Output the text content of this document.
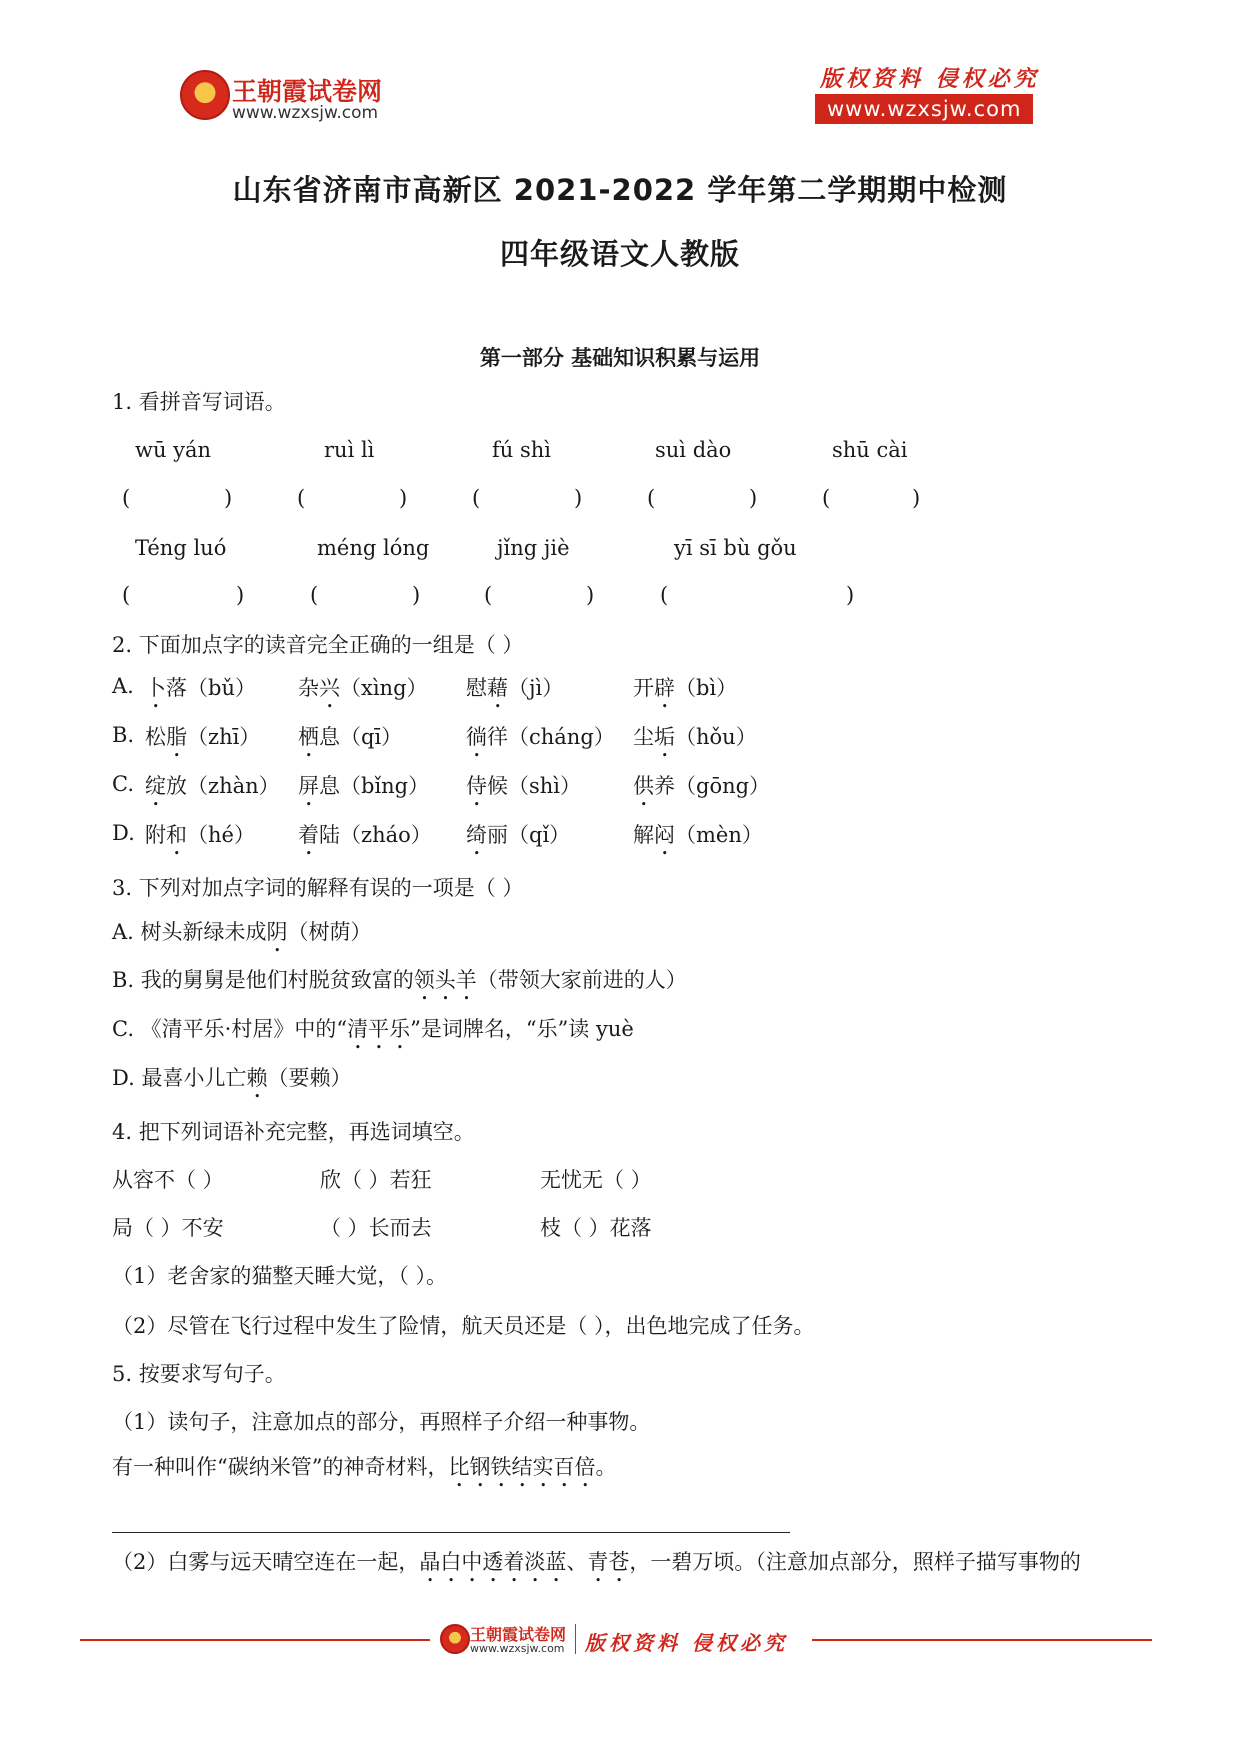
王朝霞试卷网
www.wzxsjw.com
版权资料 侵权必究
www.wzxsjw.com
山东省济南市高新区 2021-2022 学年第二学期期中检测
四年级语文人教版
第一部分 基础知识积累与运用
1. 看拼音写词语。
wū yán	ruì lì	fú shì	suì dào	shū cài
(	)	(	)	(	)	(	)	(	)
Téng luó	méng lóng	jǐng jiè	yī sī bù gǒu
(	)	(	)	(	)	(	)
2. 下面加点字的读音完全正确的一组是（ ）
A. 卜落（bǔ） 杂兴（xìng） 慰藉（jì）	开辟（bì）
B. 松脂（zhī） 栖息（qī）	徜徉（cháng） 尘垢（hǒu）
C. 绽放（zhàn） 屏息（bǐng） 侍候（shì） 供养（gōng）
D. 附和（hé） 着陆（zháo） 绮丽（qǐ）	解闷（mèn）
3. 下列对加点字词的解释有误的一项是（ ）
A. 树头新绿未成阴（树荫）
B. 我的舅舅是他们村脱贫致富的领头羊（带领大家前进的人）
C. 《清平乐·村居》中的“清平乐”是词牌名，“乐”读 yuè
D. 最喜小儿亡赖（要赖）
4. 把下列词语补充完整，再选词填空。
从容不（ ）	欣（ ）若狂	无忧无（ ）
局（ ）不安	（ ）长而去	枝（ ）花落
（1）老舍家的猫整天睡大觉，（ ）。
（2）尽管在飞行过程中发生了险情，航天员还是（ ），出色地完成了任务。
5. 按要求写句子。
（1）读句子，注意加点的部分，再照样子介绍一种事物。
有一种叫作“碳纳米管”的神奇材料，比钢铁结实百倍。
（2）白雾与远天晴空连在一起，晶白中透着淡蓝、青苍，一碧万顷。（注意加点部分，照样子描写事物的
王朝霞试卷网
www.wzxsjw.com 版权资料 侵权必究
